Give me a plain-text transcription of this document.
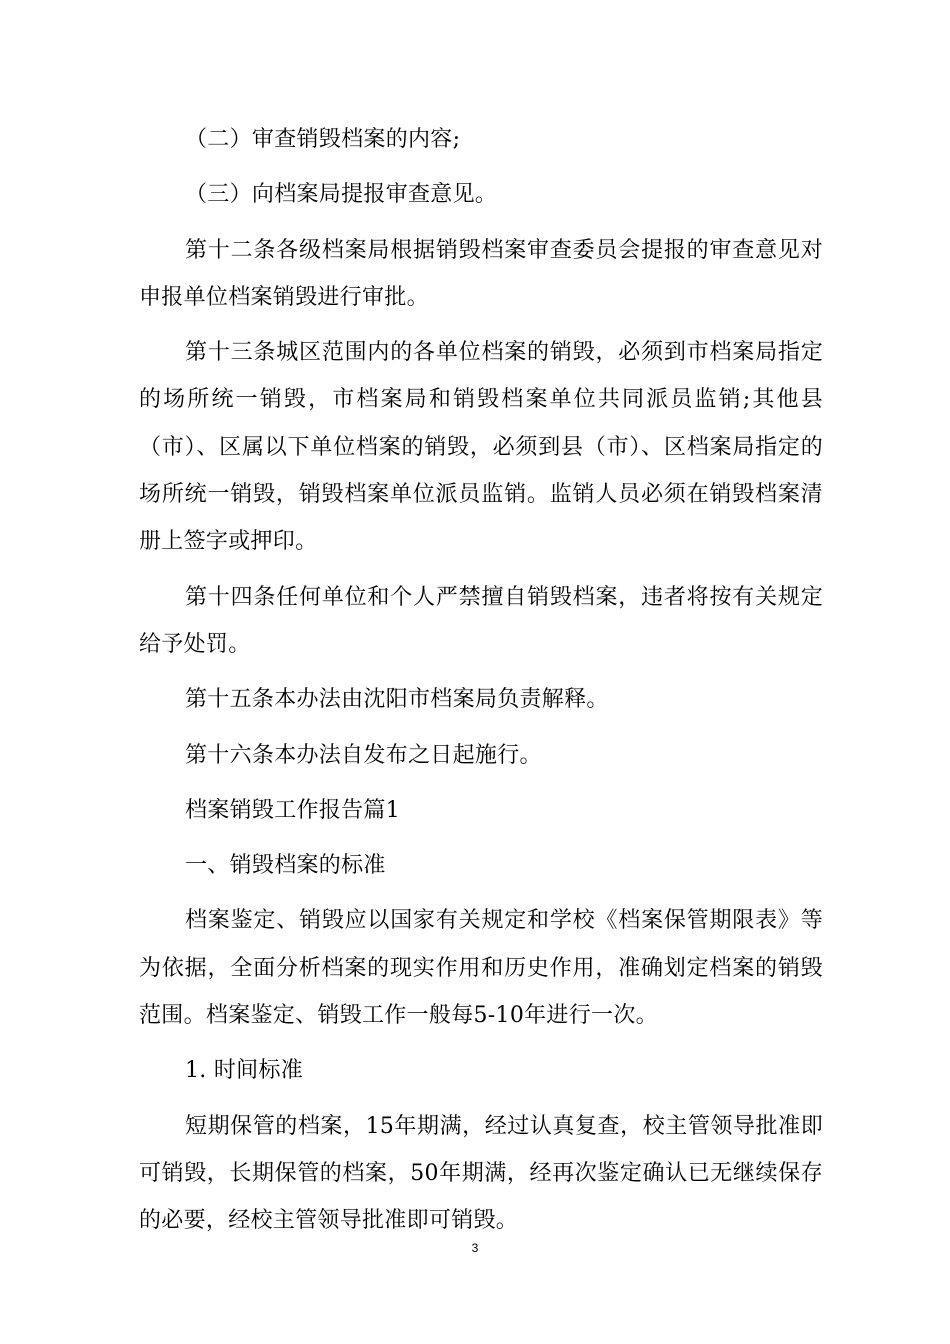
（二）审查销毁档案的内容;

（三）向档案局提报审查意见。

第十二条各级档案局根据销毁档案审查委员会提报的审查意见对申报单位档案销毁进行审批。

第十三条城区范围内的各单位档案的销毁，必须到市档案局指定的场所统一销毁，市档案局和销毁档案单位共同派员监销;其他县（市）、区属以下单位档案的销毁，必须到县（市）、区档案局指定的场所统一销毁，销毁档案单位派员监销。监销人员必须在销毁档案清册上签字或押印。

第十四条任何单位和个人严禁擅自销毁档案，违者将按有关规定给予处罚。

第十五条本办法由沈阳市档案局负责解释。

第十六条本办法自发布之日起施行。

档案销毁工作报告篇1

一、销毁档案的标准

档案鉴定、销毁应以国家有关规定和学校《档案保管期限表》等为依据，全面分析档案的现实作用和历史作用，准确划定档案的销毁范围。档案鉴定、销毁工作一般每5-10年进行一次。

1. 时间标准

短期保管的档案，15年期满，经过认真复查，校主管领导批准即可销毁，长期保管的档案，50年期满，经再次鉴定确认已无继续保存的必要，经校主管领导批准即可销毁。

3
